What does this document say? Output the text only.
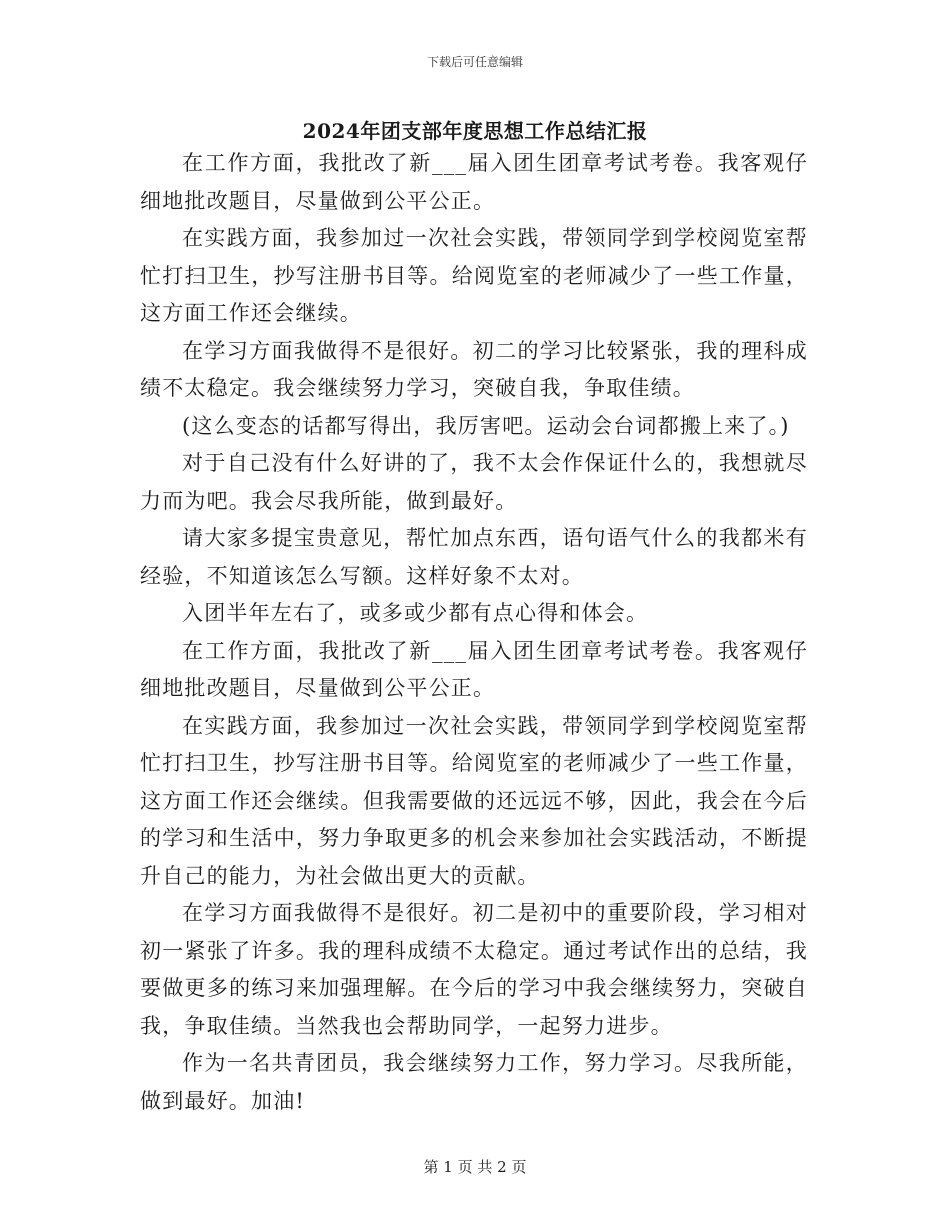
下载后可任意编辑
2024年团支部年度思想工作总结汇报

在工作方面，我批改了新___届入团生团章考试考卷。我客观仔细地批改题目，尽量做到公平公正。

在实践方面，我参加过一次社会实践，带领同学到学校阅览室帮忙打扫卫生，抄写注册书目等。给阅览室的老师减少了一些工作量，这方面工作还会继续。

在学习方面我做得不是很好。初二的学习比较紧张，我的理科成绩不太稳定。我会继续努力学习，突破自我，争取佳绩。

(这么变态的话都写得出，我厉害吧。运动会台词都搬上来了。)

对于自己没有什么好讲的了，我不太会作保证什么的，我想就尽力而为吧。我会尽我所能，做到最好。

请大家多提宝贵意见，帮忙加点东西，语句语气什么的我都米有经验，不知道该怎么写额。这样好象不太对。

入团半年左右了，或多或少都有点心得和体会。

在工作方面，我批改了新___届入团生团章考试考卷。我客观仔细地批改题目，尽量做到公平公正。

在实践方面，我参加过一次社会实践，带领同学到学校阅览室帮忙打扫卫生，抄写注册书目等。给阅览室的老师减少了一些工作量，这方面工作还会继续。但我需要做的还远远不够，因此，我会在今后的学习和生活中，努力争取更多的机会来参加社会实践活动，不断提升自己的能力，为社会做出更大的贡献。

在学习方面我做得不是很好。初二是初中的重要阶段，学习相对初一紧张了许多。我的理科成绩不太稳定。通过考试作出的总结，我要做更多的练习来加强理解。在今后的学习中我会继续努力，突破自我，争取佳绩。当然我也会帮助同学，一起努力进步。

作为一名共青团员，我会继续努力工作，努力学习。尽我所能，做到最好。加油!

第 1 页 共 2 页
